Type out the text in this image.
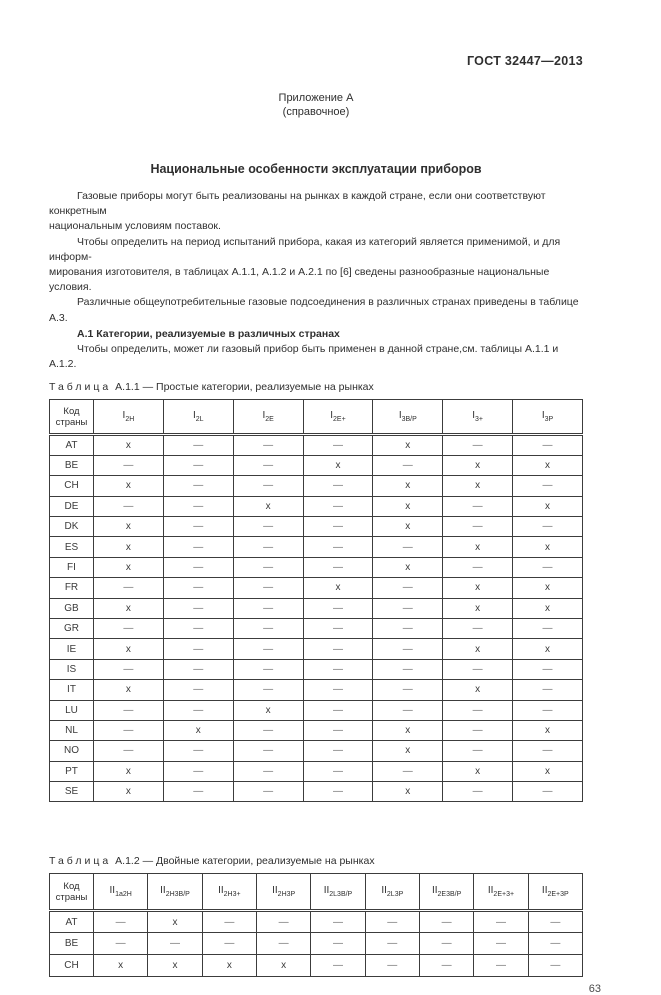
ГОСТ 32447—2013
Приложение А
(справочное)
Национальные особенности эксплуатации приборов
Газовые приборы могут быть реализованы на рынках в каждой стране, если они соответствуют конкретным
национальным условиям поставок.
Чтобы определить на период испытаний прибора, какая из категорий является применимой, и для информ-
мирования изготовителя, в таблицах А.1.1, А.1.2 и А.2.1 по [6] сведены разнообразные национальные условия.
Различные общеупотребительные газовые подсоединения в различных странах приведены в таблице А.3.
А.1 Категории, реализуемые в различных странах
Чтобы определить, может ли газовый прибор быть применен в данной стране,см. таблицы А.1.1 и А.1.2.

Таблица А.1.1 — Простые категории, реализуемые на рынках

Код страны	$I_{2H}$	$I_{2L}$	$I_{2E}$	$I_{2E+}$	$I_{3B/P}$	$I_{3+}$	$I_{3P}$
AT	x	—	—	—	x	—	—
BE	—	—	—	x	—	x	x
CH	x	—	—	—	x	x	—
DE	—	—	x	—	x	—	x
DK	x	—	—	—	x	—	—
ES	x	—	—	—	—	x	x
FI	x	—	—	—	x	—	—
FR	—	—	—	x	—	x	x
GB	x	—	—	—	—	x	x
GR	—	—	—	—	—	—	—
IE	x	—	—	—	—	x	x
IS	—	—	—	—	—	—	—
IT	x	—	—	—	—	x	—
LU	—	—	x	—	—	—	—
NL	—	x	—	—	x	—	x
NO	—	—	—	—	x	—	—
PT	x	—	—	—	—	x	x
SE	x	—	—	—	x	—	—

Таблица А.1.2 — Двойные категории, реализуемые на рынках

Код страны	$II_{1a2H}$	$II_{2H3B/P}$	$II_{2H3+}$	$II_{2H3P}$	$II_{2L3B/P}$	$II_{2L3P}$	$II_{2E3B/P}$	$II_{2E+3+}$	$II_{2E+3P}$
AT	—	x	—	—	—	—	—	—	—
BE	—	—	—	—	—	—	—	—	—
CH	x	x	x	x	—	—	—	—	—
63
